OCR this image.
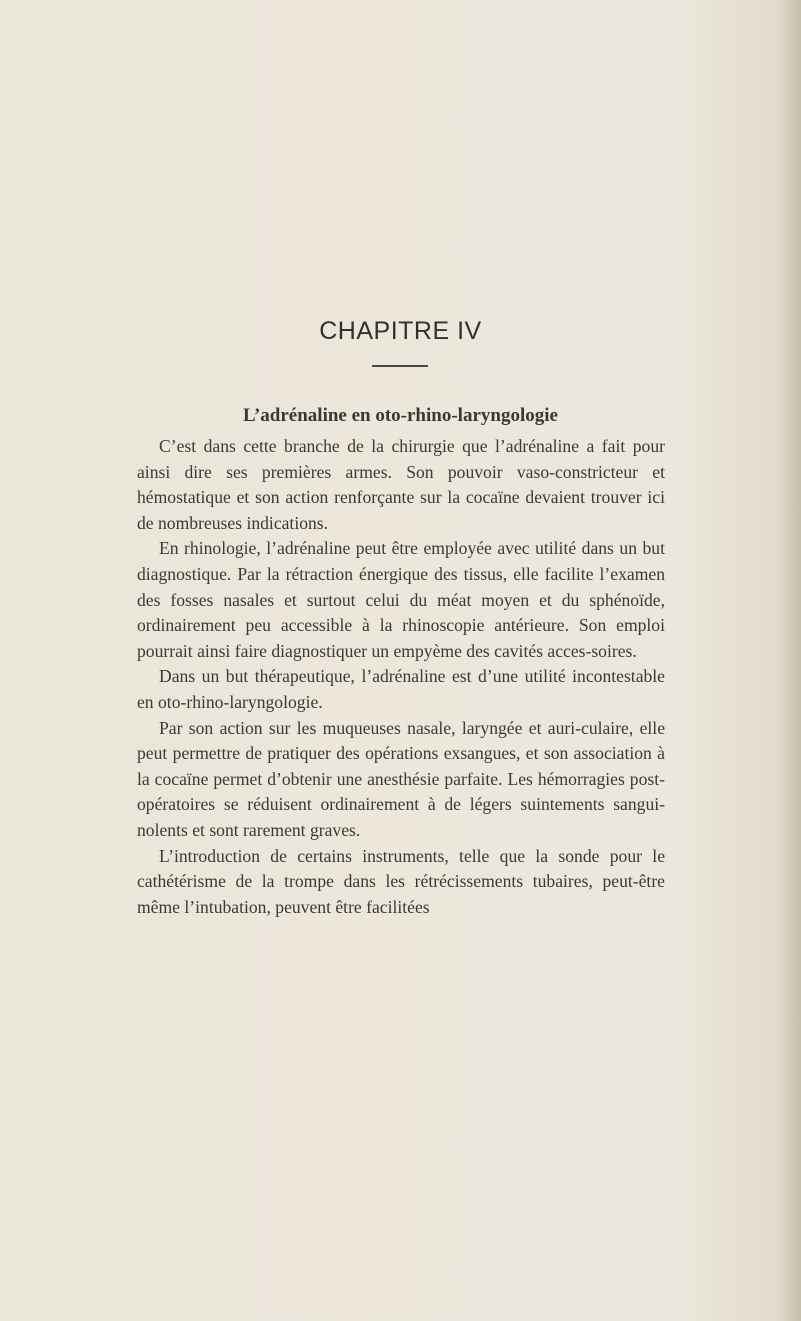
CHAPITRE IV
L’adrénaline en oto-rhino-laryngologie

C’est dans cette branche de la chirurgie que l’adrénaline a fait pour ainsi dire ses premières armes. Son pouvoir vaso-constricteur et hémostatique et son action renforçante sur la cocaïne devaient trouver ici de nombreuses indications.

En rhinologie, l’adrénaline peut être employée avec utilité dans un but diagnostique. Par la rétraction énergique des tissus, elle facilite l’examen des fosses nasales et surtout celui du méat moyen et du sphénoïde, ordinairement peu accessible à la rhinoscopie antérieure. Son emploi pourrait ainsi faire diagnostiquer un empyème des cavités acces-soires.

Dans un but thérapeutique, l’adrénaline est d’une utilité incontestable en oto-rhino-laryngologie.

Par son action sur les muqueuses nasale, laryngée et auri-culaire, elle peut permettre de pratiquer des opérations exsangues, et son association à la cocaïne permet d’obtenir une anesthésie parfaite. Les hémorragies post-opératoires se réduisent ordinairement à de légers suintements sangui-nolents et sont rarement graves.

L’introduction de certains instruments, telle que la sonde pour le cathétérisme de la trompe dans les rétrécissements tubaires, peut-être même l’intubation, peuvent être facilitées
